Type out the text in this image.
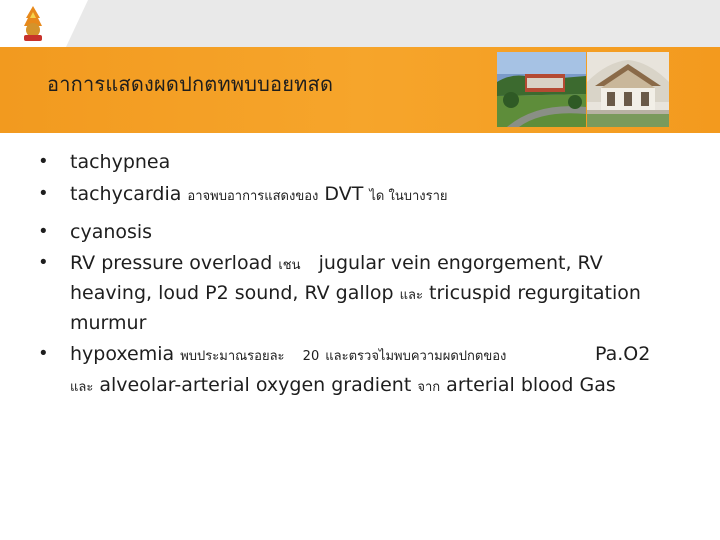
อาการแสดงผดปกตทพบบอยทสด
• tachypnea
• tachycardia อาจพบอาการแสดงของ DVT ได ในบางราย
• cyanosis
• RV pressure overload เชน jugular vein engorgement, RV
heaving, loud P2 sound, RV gallop และ tricuspid regurgitation
murmur
• hypoxemia พบประมาณรอยละ 20 และตรวจไมพบความผดปกตของ	Pa.O2
และ alveolar-arterial oxygen gradient จาก arterial blood Gas
